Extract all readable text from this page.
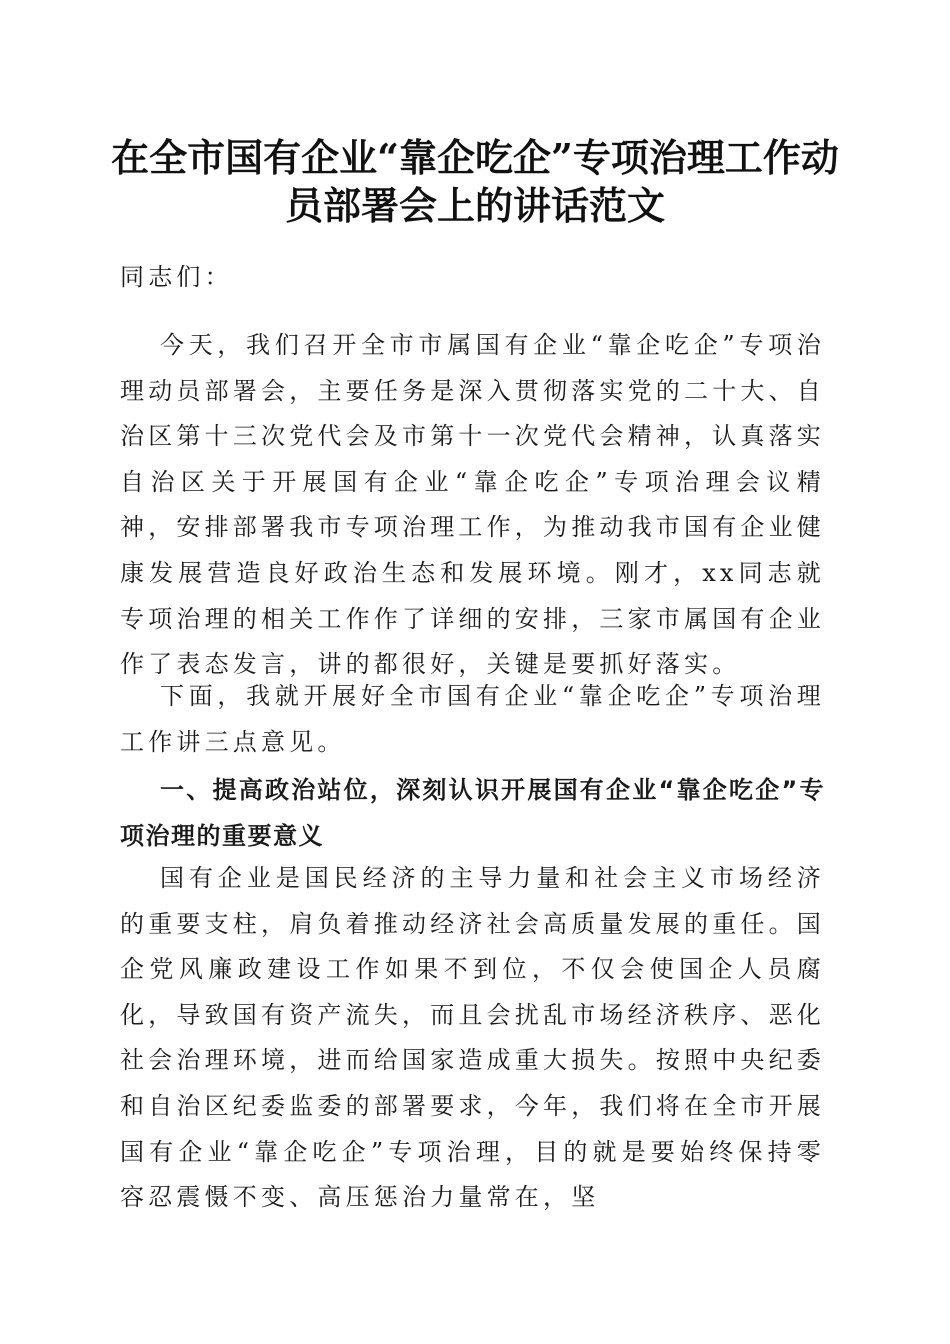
在全市国有企业“靠企吃企”专项治理工作动员部署会上的讲话范文

同志们：

今天，我们召开全市市属国有企业“靠企吃企”专项治理动员部署会，主要任务是深入贯彻落实党的二十大、自治区第十三次党代会及市第十一次党代会精神，认真落实自治区关于开展国有企业“靠企吃企”专项治理会议精神，安排部署我市专项治理工作，为推动我市国有企业健康发展营造良好政治生态和发展环境。刚才，xx同志就专项治理的相关工作作了详细的安排，三家市属国有企业作了表态发言，讲的都很好，关键是要抓好落实。

下面，我就开展好全市国有企业“靠企吃企”专项治理工作讲三点意见。

一、提高政治站位，深刻认识开展国有企业“靠企吃企”专项治理的重要意义

国有企业是国民经济的主导力量和社会主义市场经济的重要支柱，肩负着推动经济社会高质量发展的重任。国企党风廉政建设工作如果不到位，不仅会使国企人员腐化，导致国有资产流失，而且会扰乱市场经济秩序、恶化社会治理环境，进而给国家造成重大损失。按照中央纪委和自治区纪委监委的部署要求，今年，我们将在全市开展国有企业“靠企吃企”专项治理，目的就是要始终保持零容忍震慑不变、高压惩治力量常在，坚
